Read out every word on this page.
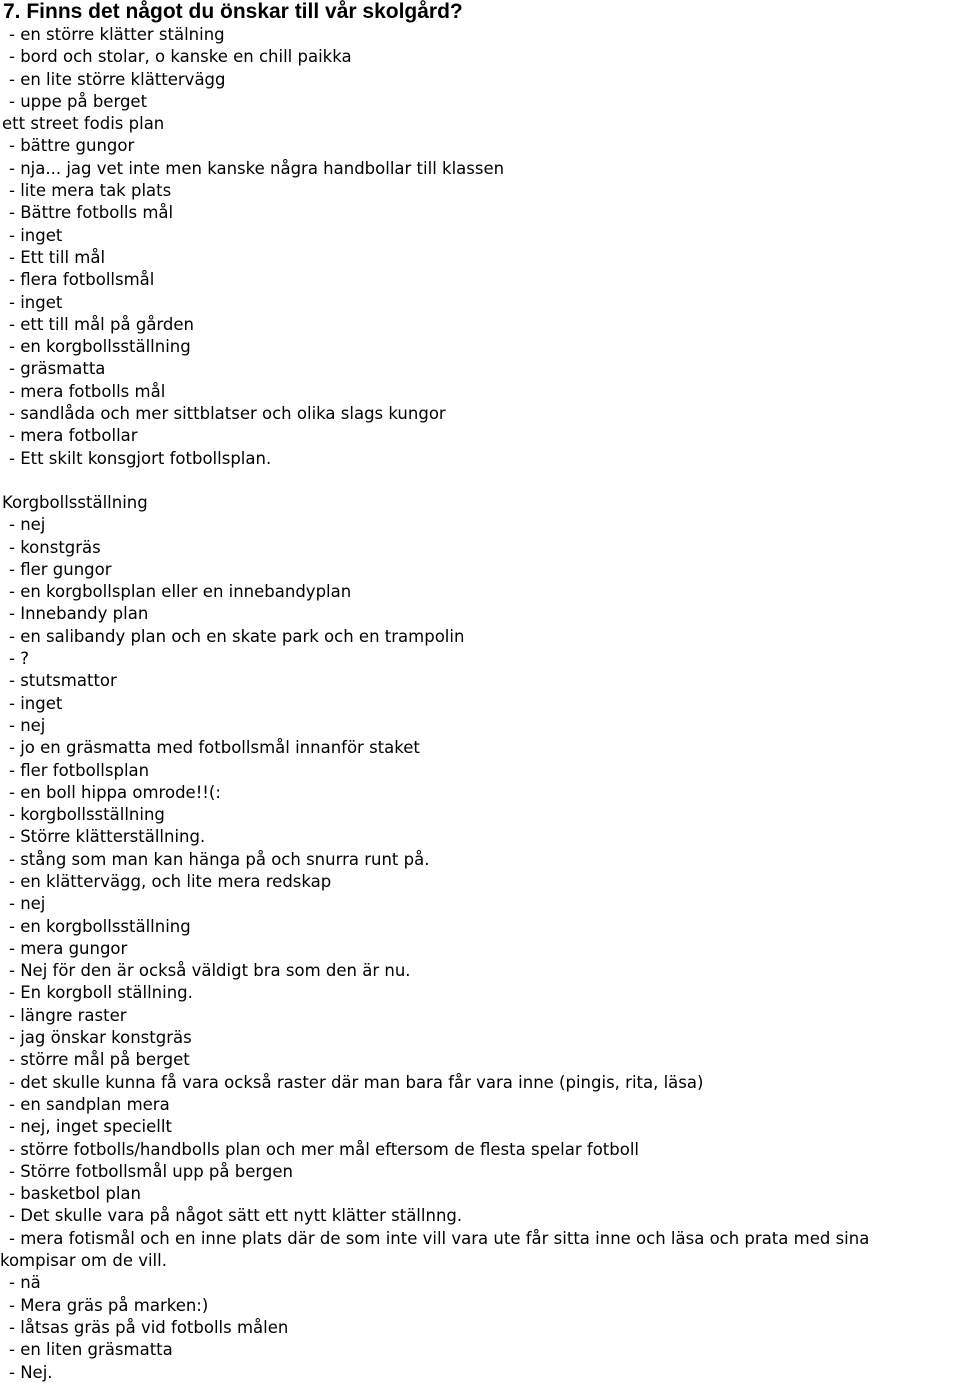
7. Finns det något du önskar till vår skolgård?
- en större klätter stälning
- bord och stolar, o kanske en chill paikka
- en lite större klättervägg
- uppe på berget
ett street fodis plan
- bättre gungor
- nja... jag vet inte men kanske några handbollar till klassen
- lite mera tak plats
- Bättre fotbolls mål
- inget
- Ett till mål
- flera fotbollsmål
- inget
- ett till mål på gården
- en korgbollsställning
- gräsmatta
- mera fotbolls mål
- sandlåda och mer sittblatser och olika slags kungor
- mera fotbollar
- Ett skilt konsgjort fotbollsplan.
Korgbollsställning
- nej
- konstgräs
- fler gungor
- en korgbollsplan eller en innebandyplan
- Innebandy plan
- en salibandy plan och en skate park och en trampolin
- ?
- stutsmattor
- inget
- nej
- jo en gräsmatta med fotbollsmål innanför staket
- fler fotbollsplan
- en boll hippa omrode!!(:
- korgbollsställning
- Större klätterställning.
- stång som man kan hänga på och snurra runt på.
- en klättervägg, och lite mera redskap
- nej
- en korgbollsställning
- mera gungor
- Nej för den är också väldigt bra som den är nu.
- En korgboll ställning.
- längre raster
- jag önskar konstgräs
- större mål på berget
- det skulle kunna få vara också raster där man bara får vara inne (pingis, rita, läsa)
- en sandplan mera
- nej, inget speciellt
- större fotbolls/handbolls plan och mer mål eftersom de flesta spelar fotboll
- Större fotbollsmål upp på bergen
- basketbol plan
- Det skulle vara på något sätt ett nytt klätter ställnng.
- mera fotismål och en inne plats där de som inte vill vara ute får sitta inne och läsa och prata med sina
kompisar om de vill.
- nä
- Mera gräs på marken:)
- låtsas gräs på vid fotbolls målen
- en liten gräsmatta
- Nej.
